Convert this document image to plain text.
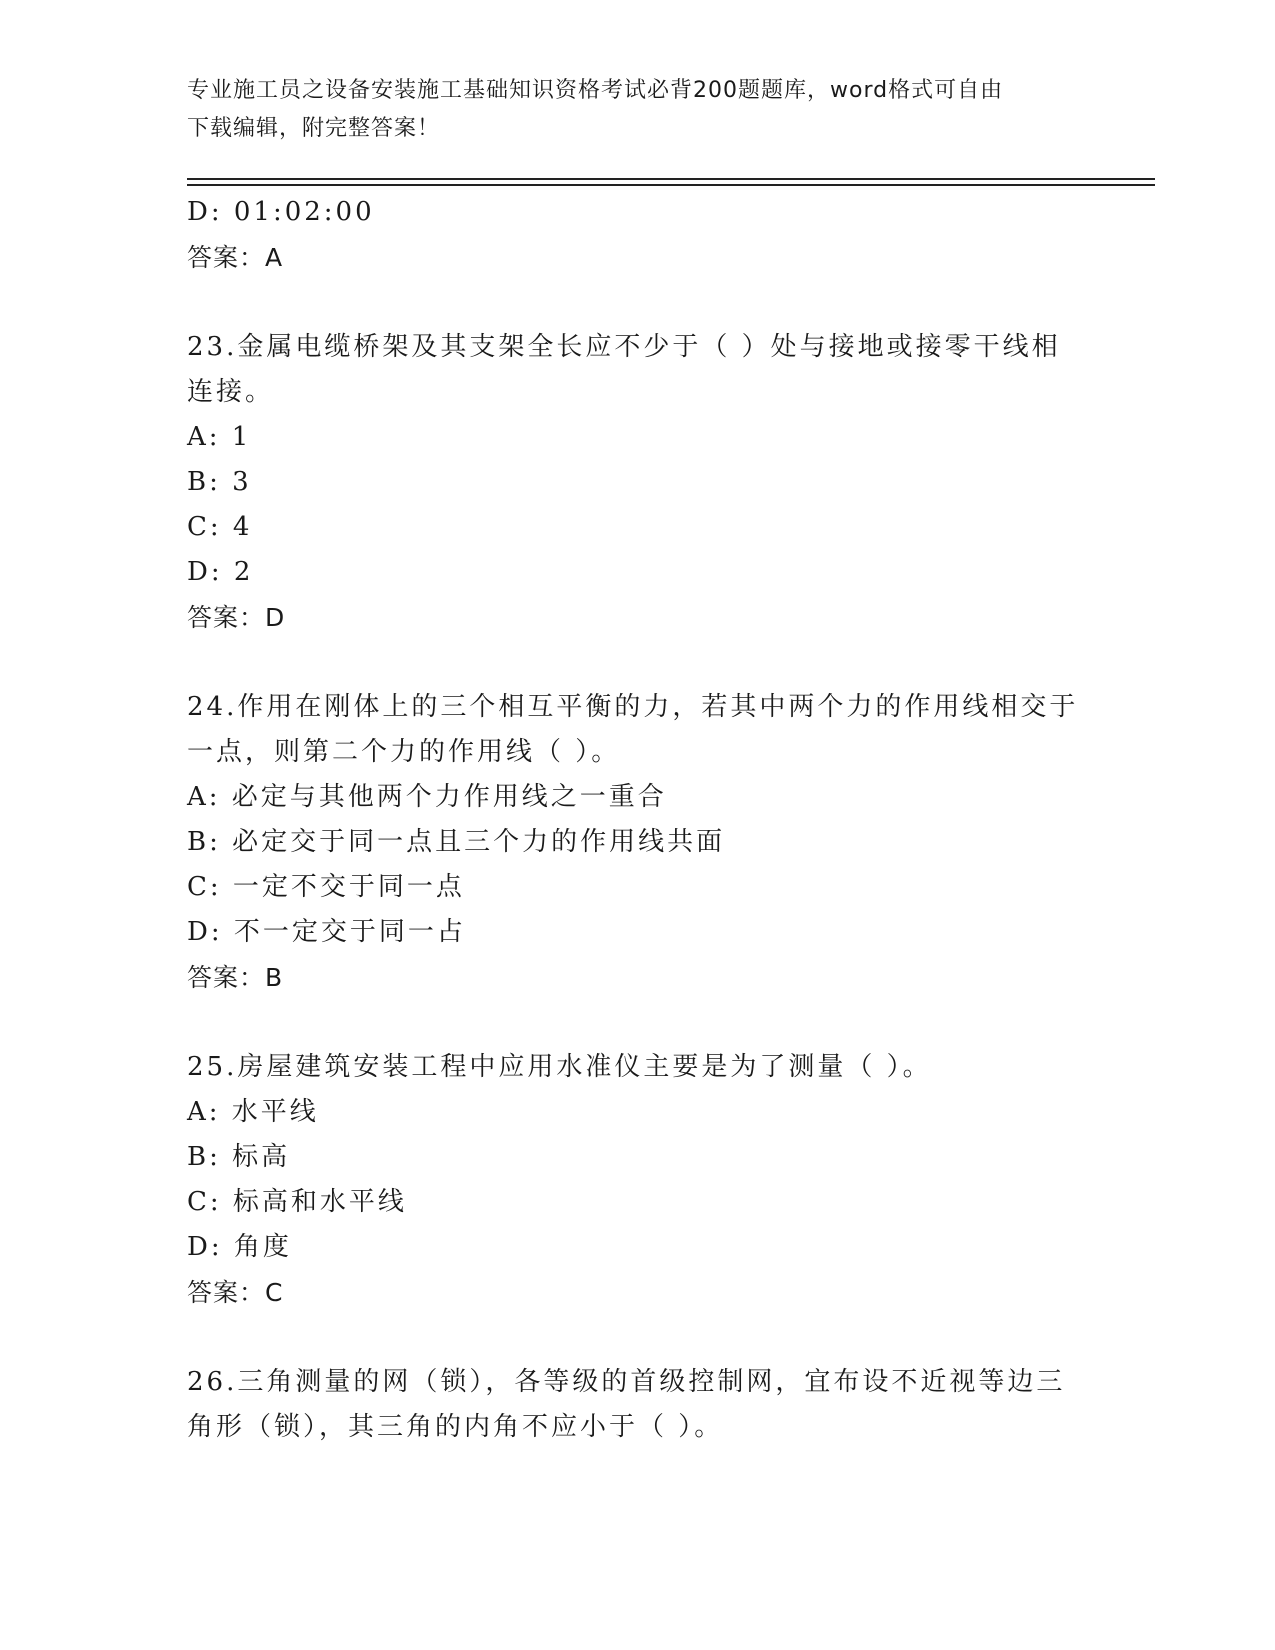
专业施工员之设备安装施工基础知识资格考试必背200题题库，word格式可自由
下载编辑，附完整答案！
D: 01:02:00
答案：A
23.金属电缆桥架及其支架全长应不少于（ ）处与接地或接零干线相
连接。
A: 1
B: 3
C: 4
D: 2
答案：D
24.作用在刚体上的三个相互平衡的力，若其中两个力的作用线相交于
一点，则第二个力的作用线（ ）。
A: 必定与其他两个力作用线之一重合
B: 必定交于同一点且三个力的作用线共面
C: 一定不交于同一点
D: 不一定交于同一占
答案：B
25.房屋建筑安装工程中应用水准仪主要是为了测量（ ）。
A: 水平线
B: 标高
C: 标高和水平线
D: 角度
答案：C
26.三角测量的网（锁），各等级的首级控制网，宜布设不近视等边三
角形（锁），其三角的内角不应小于（ ）。
